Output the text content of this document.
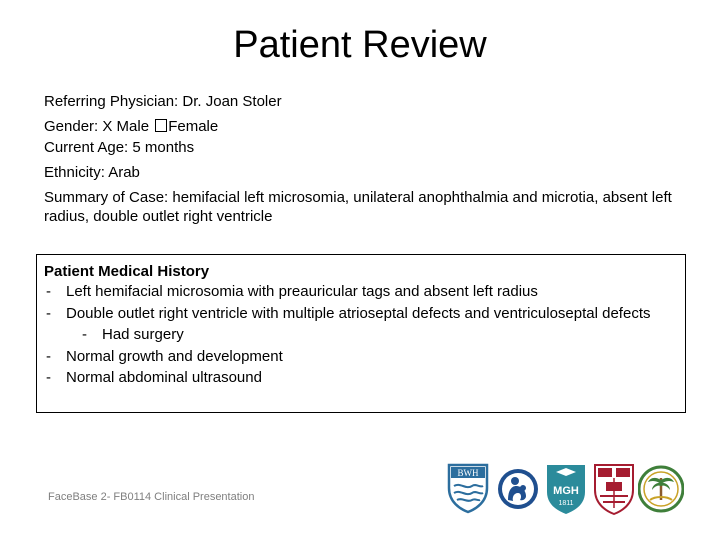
Patient Review
Referring Physician: Dr. Joan Stoler
Gender: X Male Female
Current Age: 5 months
Ethnicity: Arab
Summary of Case: hemifacial left microsomia, unilateral anophthalmia and microtia, absent left radius, double outlet right ventricle
Patient Medical History
- Left hemifacial microsomia with preauricular tags and absent left radius
- Double outlet right ventricle with multiple atrioseptal defects and ventriculoseptal defects
- Had surgery
- Normal growth and development
- Normal abdominal ultrasound
FaceBase 2- FB0114 Clinical Presentation
BWH
MGH
1811
